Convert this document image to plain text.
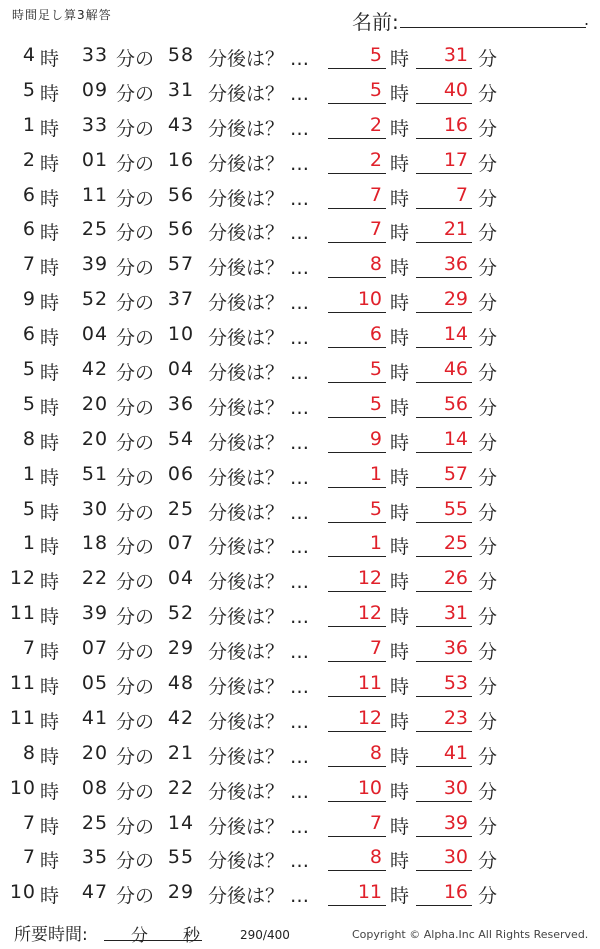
時間足し算3解答	名前:	.
4 時 33 分の 58 分後は？ …	5 時	31 分
5 時 09 分の 31 分後は？ …	5 時	40 分
1 時 33 分の 43 分後は？ …	2 時	16 分
2 時 01 分の 16 分後は？ …	2 時	17 分
6 時 11 分の 56 分後は？ …	7 時	7 分
6 時 25 分の 56 分後は？ …	7 時	21 分
7 時 39 分の 57 分後は？ …	8 時	36 分
9 時 52 分の 37 分後は？ …	10 時	29 分
6 時 04 分の 10 分後は？ …	6 時	14 分
5 時 42 分の 04 分後は？ …	5 時	46 分
5 時 20 分の 36 分後は？ …	5 時	56 分
8 時 20 分の 54 分後は？ …	9 時	14 分
1 時 51 分の 06 分後は？ …	1 時	57 分
5 時 30 分の 25 分後は？ …	5 時	55 分
1 時 18 分の 07 分後は？ …	1 時	25 分
12 時 22 分の 04 分後は？ …	12 時	26 分
11 時 39 分の 52 分後は？ …	12 時	31 分
7 時 07 分の 29 分後は？ …	7 時	36 分
11 時 05 分の 48 分後は？ …	11 時	53 分
11 時 41 分の 42 分後は？ …	12 時	23 分
8 時 20 分の 21 分後は？ …	8 時	41 分
10 時 08 分の 22 分後は？ …	10 時	30 分
7 時 25 分の 14 分後は？ …	7 時	39 分
7 時 35 分の 55 分後は？ …	8 時	30 分
10 時 47 分の 29 分後は？ …	11 時	16 分
所要時間:	分 秒	290/400	Copyright © Alpha.Inc All Rights Reserved.
